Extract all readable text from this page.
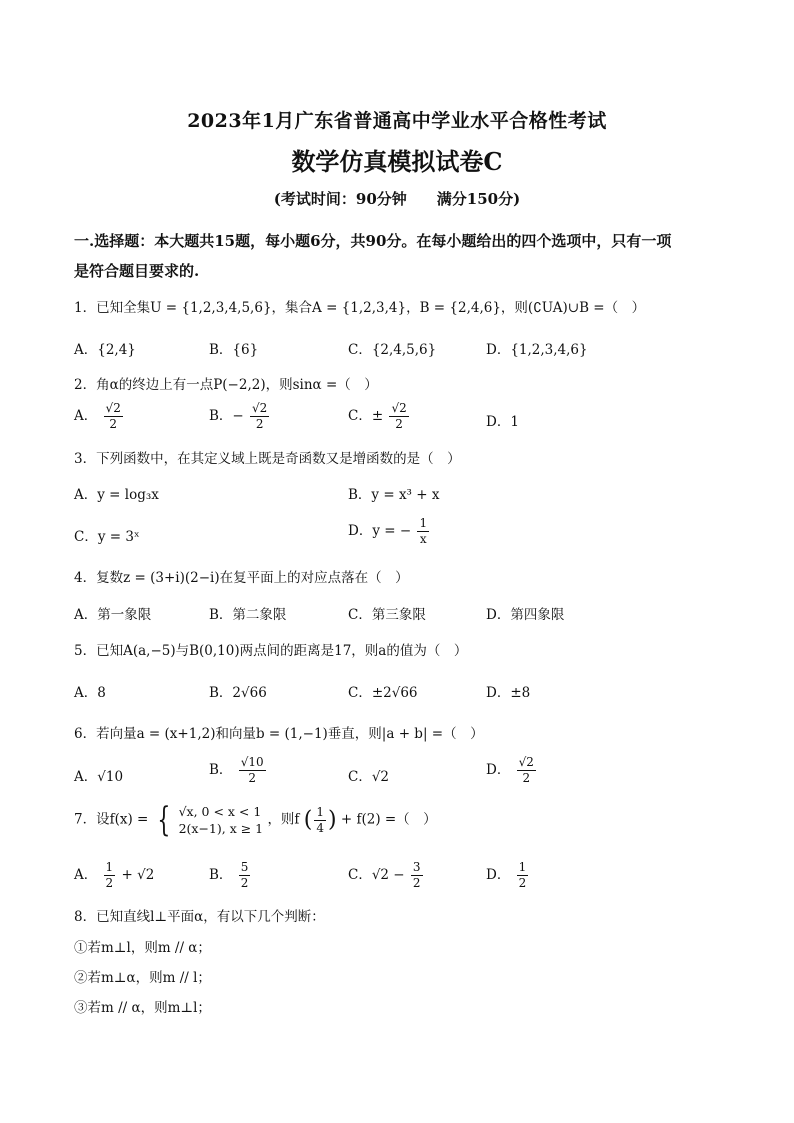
2023年1月广东省普通高中学业水平合格性考试
数学仿真模拟试卷C
(考试时间：90分钟　　满分150分)
一.选择题：本大题共15题，每小题6分，共90分。在每小题给出的四个选项中，只有一项
是符合题目要求的.
1．已知全集U = {1,2,3,4,5,6}，集合A = {1,2,3,4}，B = {2,4,6}，则(∁UA)∪B =（　）
A．{2,4}	B．{6}	C．{2,4,5,6}	D．{1,2,3,4,6}
2．角α的终边上有一点P(−2,2)，则sinα =（　）
A． $\frac{√2}{2}$	B．− $\frac{√2}{2}$	C．± $\frac{√2}{2}$	D．1
3．下列函数中，在其定义域上既是奇函数又是增函数的是（　）
A．y = log₃x	B．y = x³ + x
C．y = 3ˣ	D．y = − $\frac{1}{x}$
4．复数z = (3+i)(2−i)在复平面上的对应点落在（　）
A．第一象限	B．第二象限	C．第三象限	D．第四象限
5．已知A(a,−5)与B(0,10)两点间的距离是17，则a的值为（　）
A．8	B．2√66	C．±2√66	D．±8
6．若向量a = (x+1,2)和向量b = (1,−1)垂直，则|a + b| =（　）
A．√10	B． $\frac{√10}{2}$	C．√2	D． $\frac{√2}{2}$
7．设f(x) = { √x, 0 < x < 1
2(x−1), x ≥ 1
，则f ( $\frac{1}{4}$ ) + f(2) =（　）
A． $\frac{1}{2} + √2$	B． $\frac{5}{2}$	C．$√2 - \frac{3}{2}$	D． $\frac{1}{2}$
8．已知直线l⊥平面α，有以下几个判断：
①若m⊥l，则m // α；
②若m⊥α，则m // l；
③若m // α，则m⊥l；
